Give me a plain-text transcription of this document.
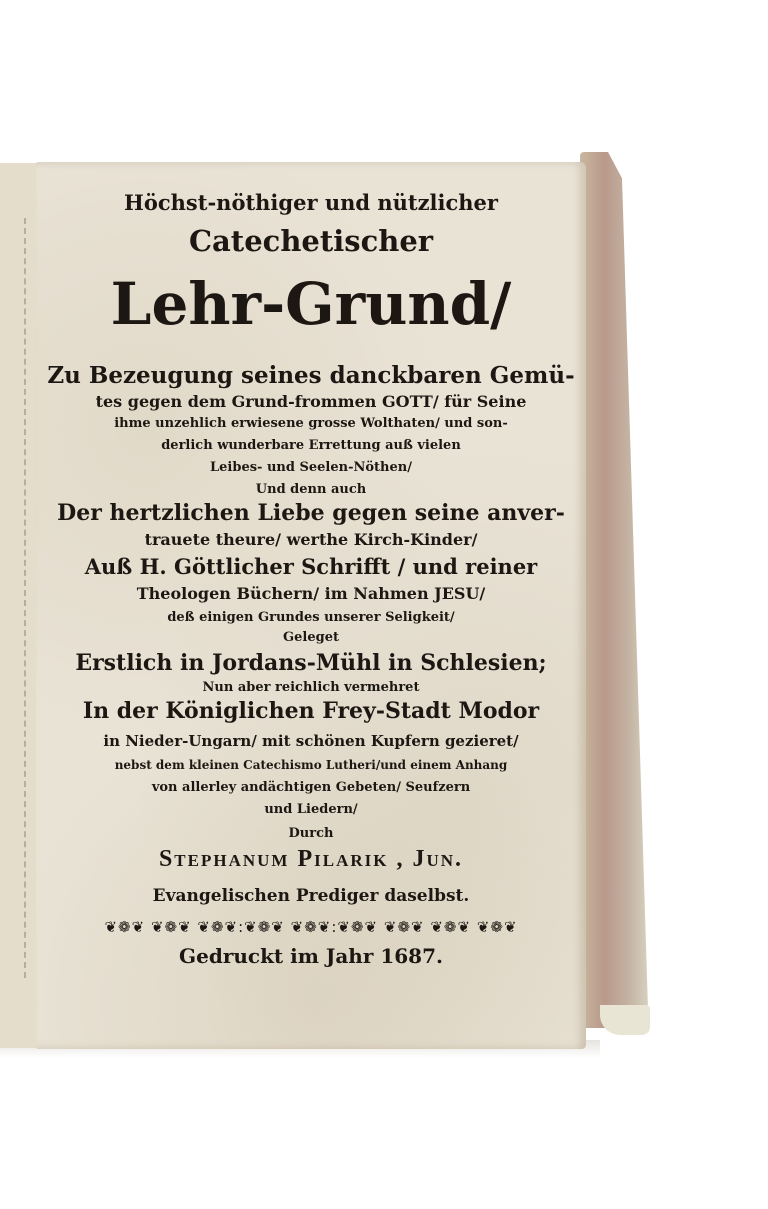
Höchst-nöthiger und nützlicher
Catechetischer
Lehr-Grund/
Zu Bezeugung seines danckbaren Gemü-
tes gegen dem Grund-frommen GOTT/ für Seine
ihme unzehlich erwiesene grosse Wolthaten/ und son-
derlich wunderbare Errettung auß vielen
Leibes- und Seelen-Nöthen/
Und denn auch
Der hertzlichen Liebe gegen seine anver-
trauete theure/ werthe Kirch-Kinder/
Auß H. Göttlicher Schrifft / und reiner
Theologen Büchern/ im Nahmen JESU/
deß einigen Grundes unserer Seligkeit/
Geleget
Erstlich in Jordans-Mühl in Schlesien;
Nun aber reichlich vermehret
In der Königlichen Frey-Stadt Modor
in Nieder-Ungarn/ mit schönen Kupfern gezieret/
nebst dem kleinen Catechismo Lutheri/und einem Anhang
von allerley andächtigen Gebeten/ Seufzern
und Liedern/
Durch
Stephanum Pilarik , Jun.
Evangelischen Prediger daselbst.
❦❁❦ ❦❁❦ ❦❁❦:❦❁❦ ❦❁❦:❦❁❦ ❦❁❦ ❦❁❦ ❦❁❦
Gedruckt im Jahr 1687.
